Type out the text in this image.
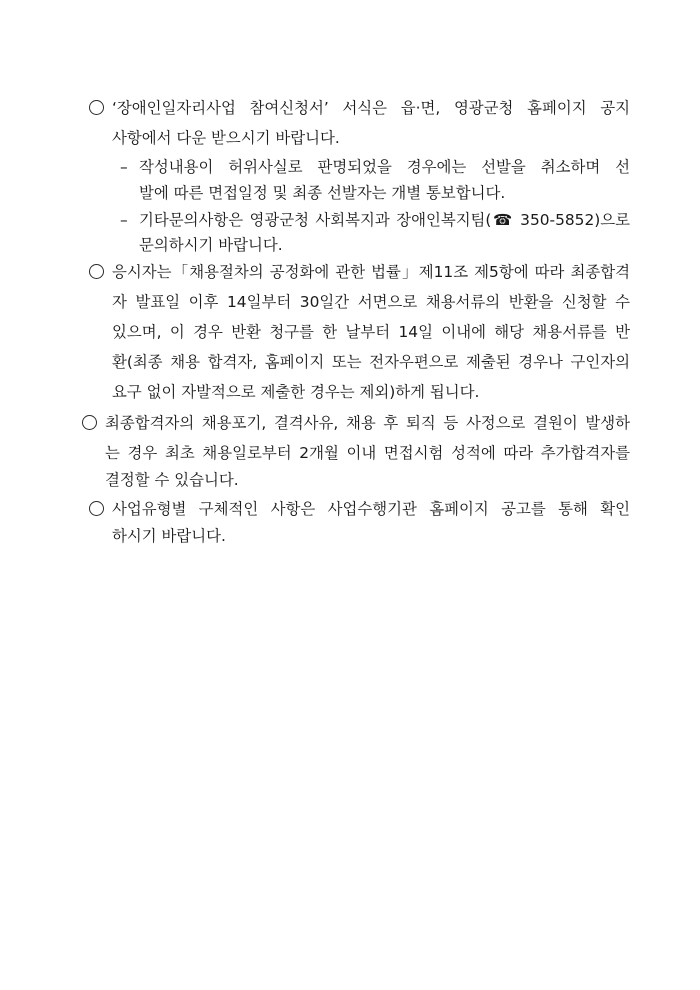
‘장애인일자리사업 참여신청서’ 서식은 읍·면, 영광군청 홈페이지 공지
사항에서 다운 받으시기 바랍니다.
– 작성내용이 허위사실로 판명되었을 경우에는 선발을 취소하며 선
발에 따른 면접일정 및 최종 선발자는 개별 통보합니다.
– 기타문의사항은 영광군청 사회복지과 장애인복지팀(☎ 350-5852)으로
문의하시기 바랍니다.
응시자는「채용절차의 공정화에 관한 법률」제11조 제5항에 따라 최종합격
자 발표일 이후 14일부터 30일간 서면으로 채용서류의 반환을 신청할 수
있으며, 이 경우 반환 청구를 한 날부터 14일 이내에 해당 채용서류를 반
환(최종 채용 합격자, 홈페이지 또는 전자우편으로 제출된 경우나 구인자의
요구 없이 자발적으로 제출한 경우는 제외)하게 됩니다.
최종합격자의 채용포기, 결격사유, 채용 후 퇴직 등 사정으로 결원이 발생하
는 경우 최초 채용일로부터 2개월 이내 면접시험 성적에 따라 추가합격자를
결정할 수 있습니다.
사업유형별 구체적인 사항은 사업수행기관 홈페이지 공고를 통해 확인
하시기 바랍니다.
